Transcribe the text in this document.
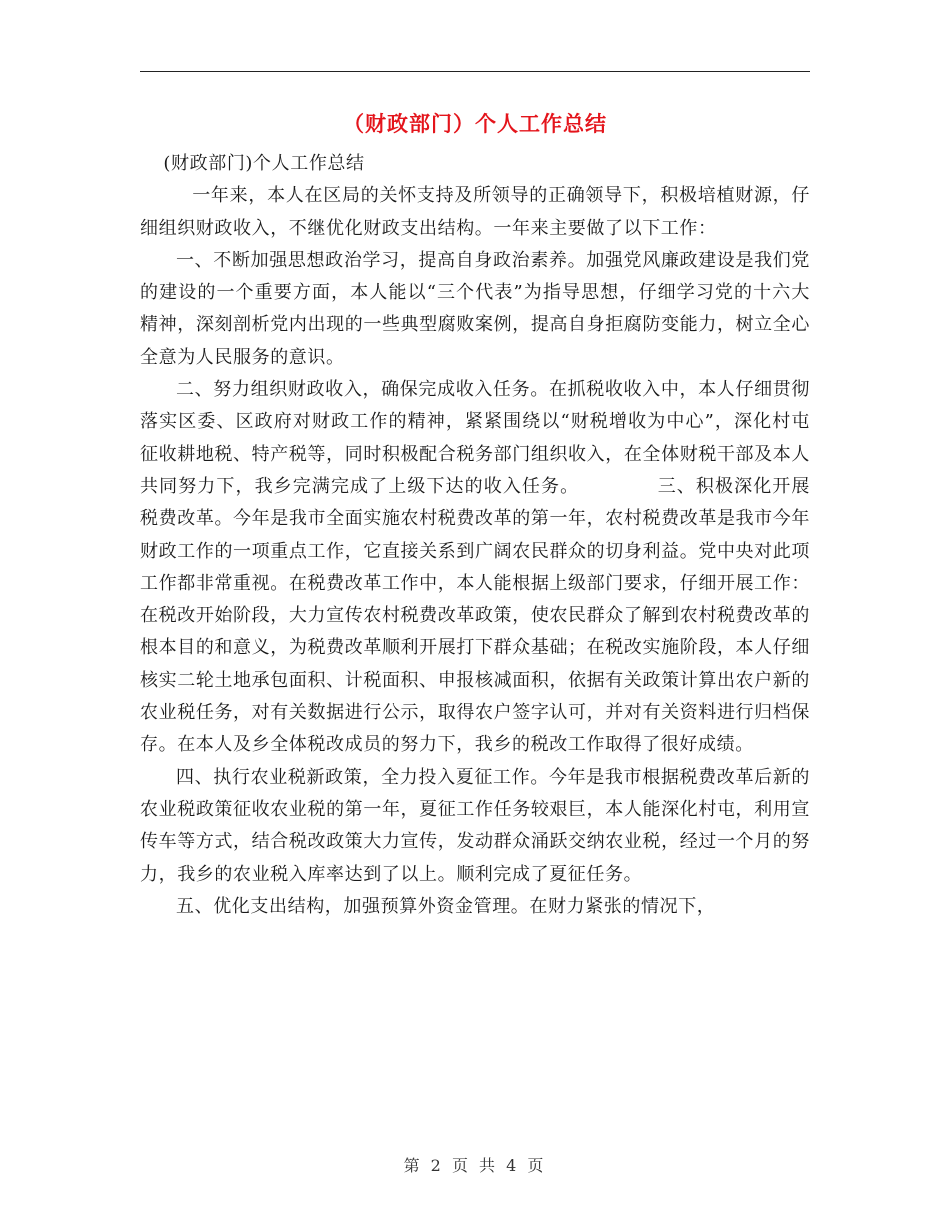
（财政部门）个人工作总结

(财政部门)个人工作总结

一年来，本人在区局的关怀支持及所领导的正确领导下，积极培植财源，仔细组织财政收入，不继优化财政支出结构。一年来主要做了以下工作：

一、不断加强思想政治学习，提高自身政治素养。加强党风廉政建设是我们党的建设的一个重要方面，本人能以“三个代表”为指导思想，仔细学习党的十六大精神，深刻剖析党内出现的一些典型腐败案例，提高自身拒腐防变能力，树立全心全意为人民服务的意识。

二、努力组织财政收入，确保完成收入任务。在抓税收收入中，本人仔细贯彻落实区委、区政府对财政工作的精神，紧紧围绕以“财税增收为中心”，深化村屯征收耕地税、特产税等，同时积极配合税务部门组织收入，在全体财税干部及本人共同努力下，我乡完满完成了上级下达的收入任务。	三、积极深化开展税费改革。今年是我市全面实施农村税费改革的第一年，农村税费改革是我市今年财政工作的一项重点工作，它直接关系到广阔农民群众的切身利益。党中央对此项工作都非常重视。在税费改革工作中，本人能根据上级部门要求，仔细开展工作：在税改开始阶段，大力宣传农村税费改革政策，使农民群众了解到农村税费改革的根本目的和意义，为税费改革顺利开展打下群众基础；在税改实施阶段，本人仔细核实二轮土地承包面积、计税面积、申报核减面积，依据有关政策计算出农户新的农业税任务，对有关数据进行公示，取得农户签字认可，并对有关资料进行归档保存。在本人及乡全体税改成员的努力下，我乡的税改工作取得了很好成绩。

四、执行农业税新政策，全力投入夏征工作。今年是我市根据税费改革后新的农业税政策征收农业税的第一年，夏征工作任务较艰巨，本人能深化村屯，利用宣传车等方式，结合税改政策大力宣传，发动群众涌跃交纳农业税，经过一个月的努力，我乡的农业税入库率达到了以上。顺利完成了夏征任务。

五、优化支出结构，加强预算外资金管理。在财力紧张的情况下，

第 2 页 共 4 页
